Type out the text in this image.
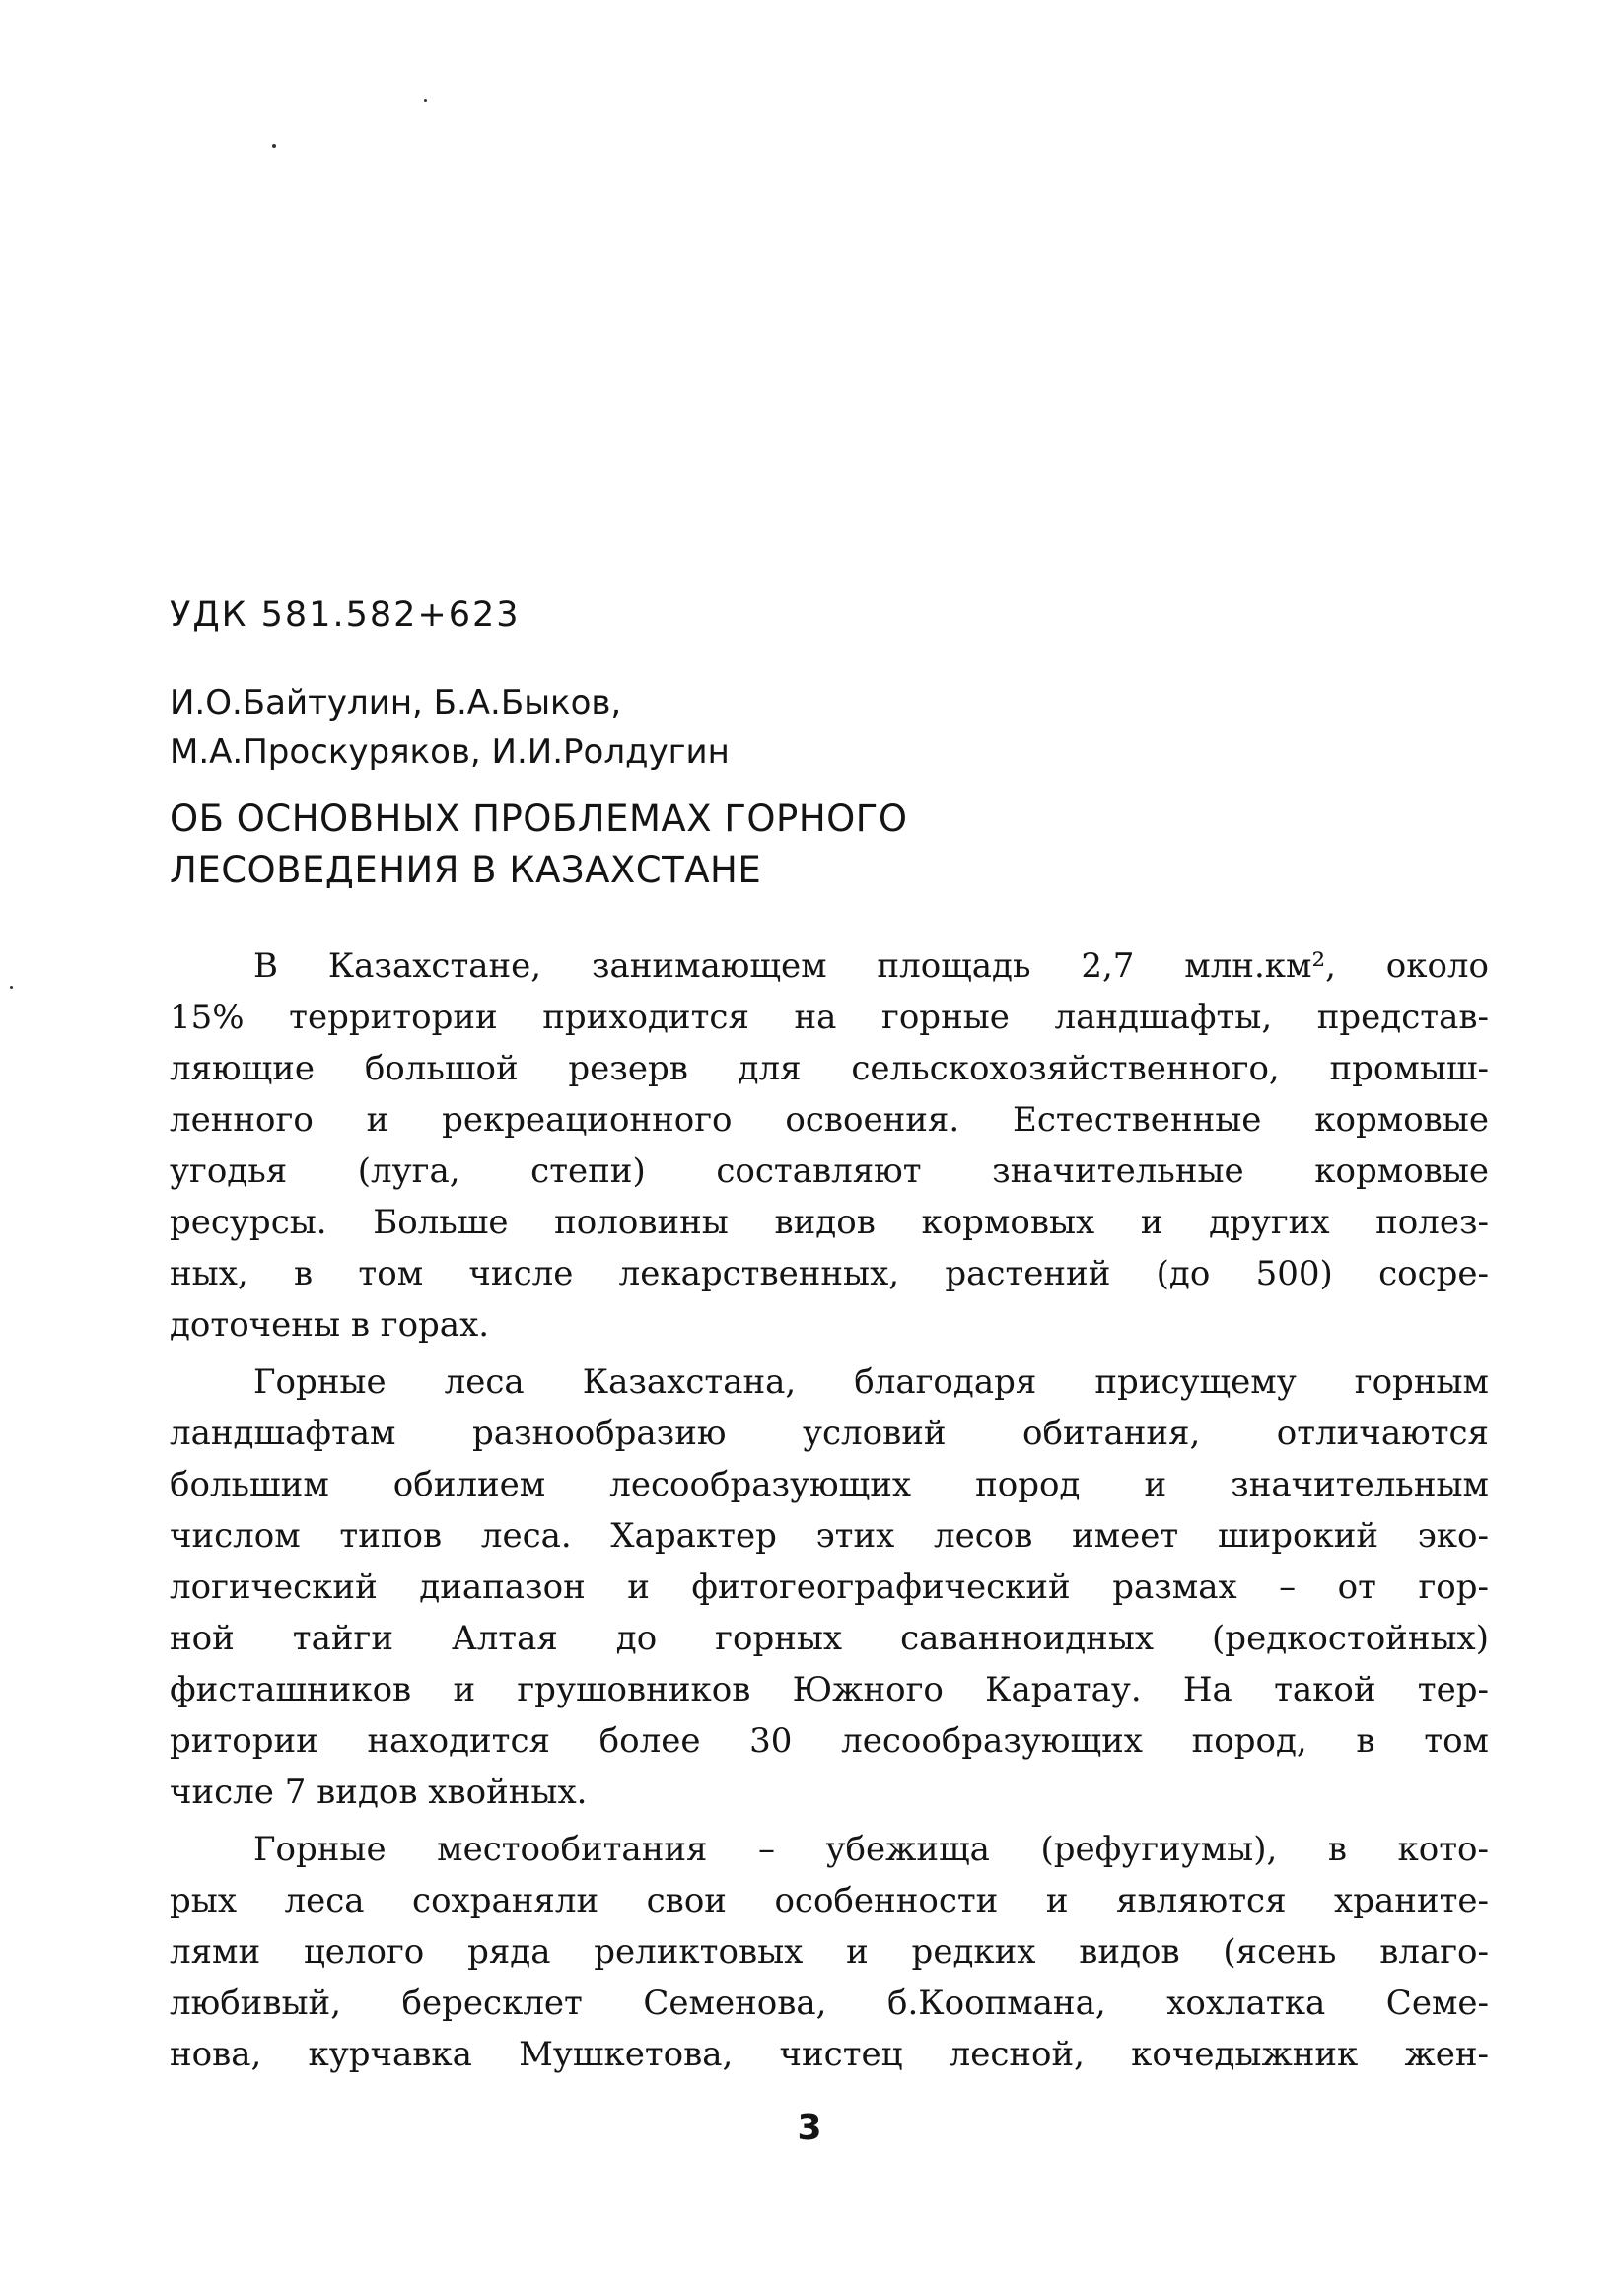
УДК 581.582+623
И.О.Байтулин, Б.А.Быков,
М.А.Проскуряков, И.И.Ролдугин
ОБ ОСНОВНЫХ ПРОБЛЕМАХ ГОРНОГО
ЛЕСОВЕДЕНИЯ В КАЗАХСТАНЕ
В Казахстане, занимающем площадь 2,7 млн.км², около
15% территории приходится на горные ландшафты, представ-
ляющие большой резерв для сельскохозяйственного, промыш-
ленного и рекреационного освоения. Естественные кормовые
угодья (луга, степи) составляют значительные кормовые
ресурсы. Больше половины видов кормовых и других полез-
ных, в том числе лекарственных, растений (до 500) сосре-
доточены в горах.
Горные леса Казахстана, благодаря присущему горным
ландшафтам разнообразию условий обитания, отличаются
большим обилием лесообразующих пород и значительным
числом типов леса. Характер этих лесов имеет широкий эко-
логический диапазон и фитогеографический размах – от гор-
ной тайги Алтая до горных саванноидных (редкостойных)
фисташников и грушовников Южного Каратау. На такой тер-
ритории находится более 30 лесообразующих пород, в том
числе 7 видов хвойных.
Горные местообитания – убежища (рефугиумы), в кото-
рых леса сохраняли свои особенности и являются храните-
лями целого ряда реликтовых и редких видов (ясень влаго-
любивый, бересклет Семенова, б.Коопмана, хохлатка Семе-
нова, курчавка Мушкетова, чистец лесной, кочедыжник жен-
3
